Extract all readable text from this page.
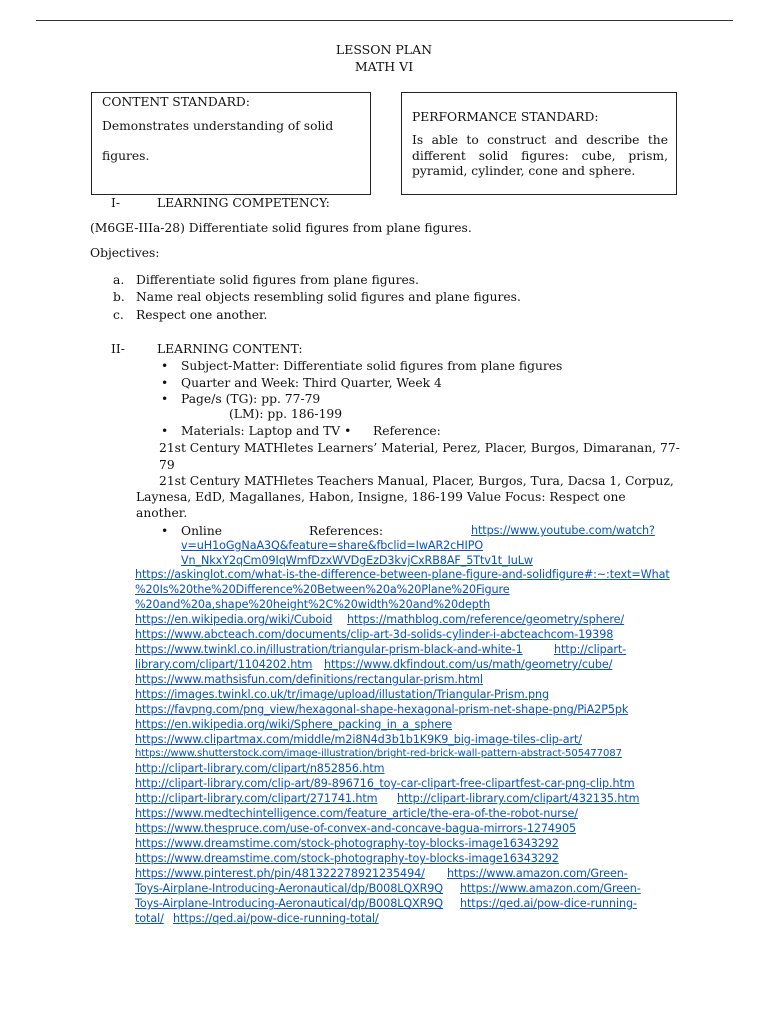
LESSON PLAN
MATH VI
CONTENT STANDARD:
Demonstrates understanding of solid
figures.
PERFORMANCE STANDARD:
Is able to construct and describe the different solid figures: cube, prism, pyramid, cylinder, cone and sphere.
I-	LEARNING COMPETENCY:
(M6GE-IIIa-28) Differentiate solid figures from plane figures.
Objectives:
a. Differentiate solid figures from plane figures.
b. Name real objects resembling solid figures and plane figures.
c. Respect one another.
II-	LEARNING CONTENT:
• Subject-Matter: Differentiate solid figures from plane figures
• Quarter and Week: Third Quarter, Week 4
• Page/s (TG): pp. 77-79
(LM): pp. 186-199
• Materials: Laptop and TV • Reference:
21st Century MATHletes Learners’ Material, Perez, Placer, Burgos, Dimaranan, 77-
79
21st Century MATHletes Teachers Manual, Placer, Burgos, Tura, Dacsa 1, Corpuz,
Laynesa, EdD, Magallanes, Habon, Insigne, 186-199 Value Focus: Respect one
another.
• Online	References:	https://www.youtube.com/watch?
v=uH1oGgNaA3Q&feature=share&fbclid=IwAR2cHIPO
Vn_NkxY2qCm09IqWmfDzxWVDgEzD3kvjCxRB8AF_5Ttv1t_IuLw
https://askinglot.com/what-is-the-difference-between-plane-figure-and-solidfigure#:~:text=What
%20Is%20the%20Difference%20Between%20a%20Plane%20Figure
%20and%20a,shape%20height%2C%20width%20and%20depth
https://en.wikipedia.org/wiki/Cuboid https://mathblog.com/reference/geometry/sphere/
https://www.abcteach.com/documents/clip-art-3d-solids-cylinder-i-abcteachcom-19398
https://www.twinkl.co.in/illustration/triangular-prism-black-and-white-1	http://clipart-
library.com/clipart/1104202.htm https://www.dkfindout.com/us/math/geometry/cube/
https://www.mathsisfun.com/definitions/rectangular-prism.html
https://images.twinkl.co.uk/tr/image/upload/illustation/Triangular-Prism.png
https://favpng.com/png_view/hexagonal-shape-hexagonal-prism-net-shape-png/PiA2P5pk
https://en.wikipedia.org/wiki/Sphere_packing_in_a_sphere
https://www.clipartmax.com/middle/m2i8N4d3b1b1K9K9_big-image-tiles-clip-art/
https://www.shutterstock.com/image-illustration/bright-red-brick-wall-pattern-abstract-505477087
http://clipart-library.com/clipart/n852856.htm
http://clipart-library.com/clip-art/89-896716_toy-car-clipart-free-clipartfest-car-png-clip.htm
http://clipart-library.com/clipart/271741.htm http://clipart-library.com/clipart/432135.htm
https://www.medtechintelligence.com/feature_article/the-era-of-the-robot-nurse/
https://www.thespruce.com/use-of-convex-and-concave-bagua-mirrors-1274905
https://www.dreamstime.com/stock-photography-toy-blocks-image16343292
https://www.dreamstime.com/stock-photography-toy-blocks-image16343292
https://www.pinterest.ph/pin/481322278921235494/ https://www.amazon.com/Green-
Toys-Airplane-Introducing-Aeronautical/dp/B008LQXR9Q https://www.amazon.com/Green-
Toys-Airplane-Introducing-Aeronautical/dp/B008LQXR9Q https://qed.ai/pow-dice-running-
total/ https://qed.ai/pow-dice-running-total/
